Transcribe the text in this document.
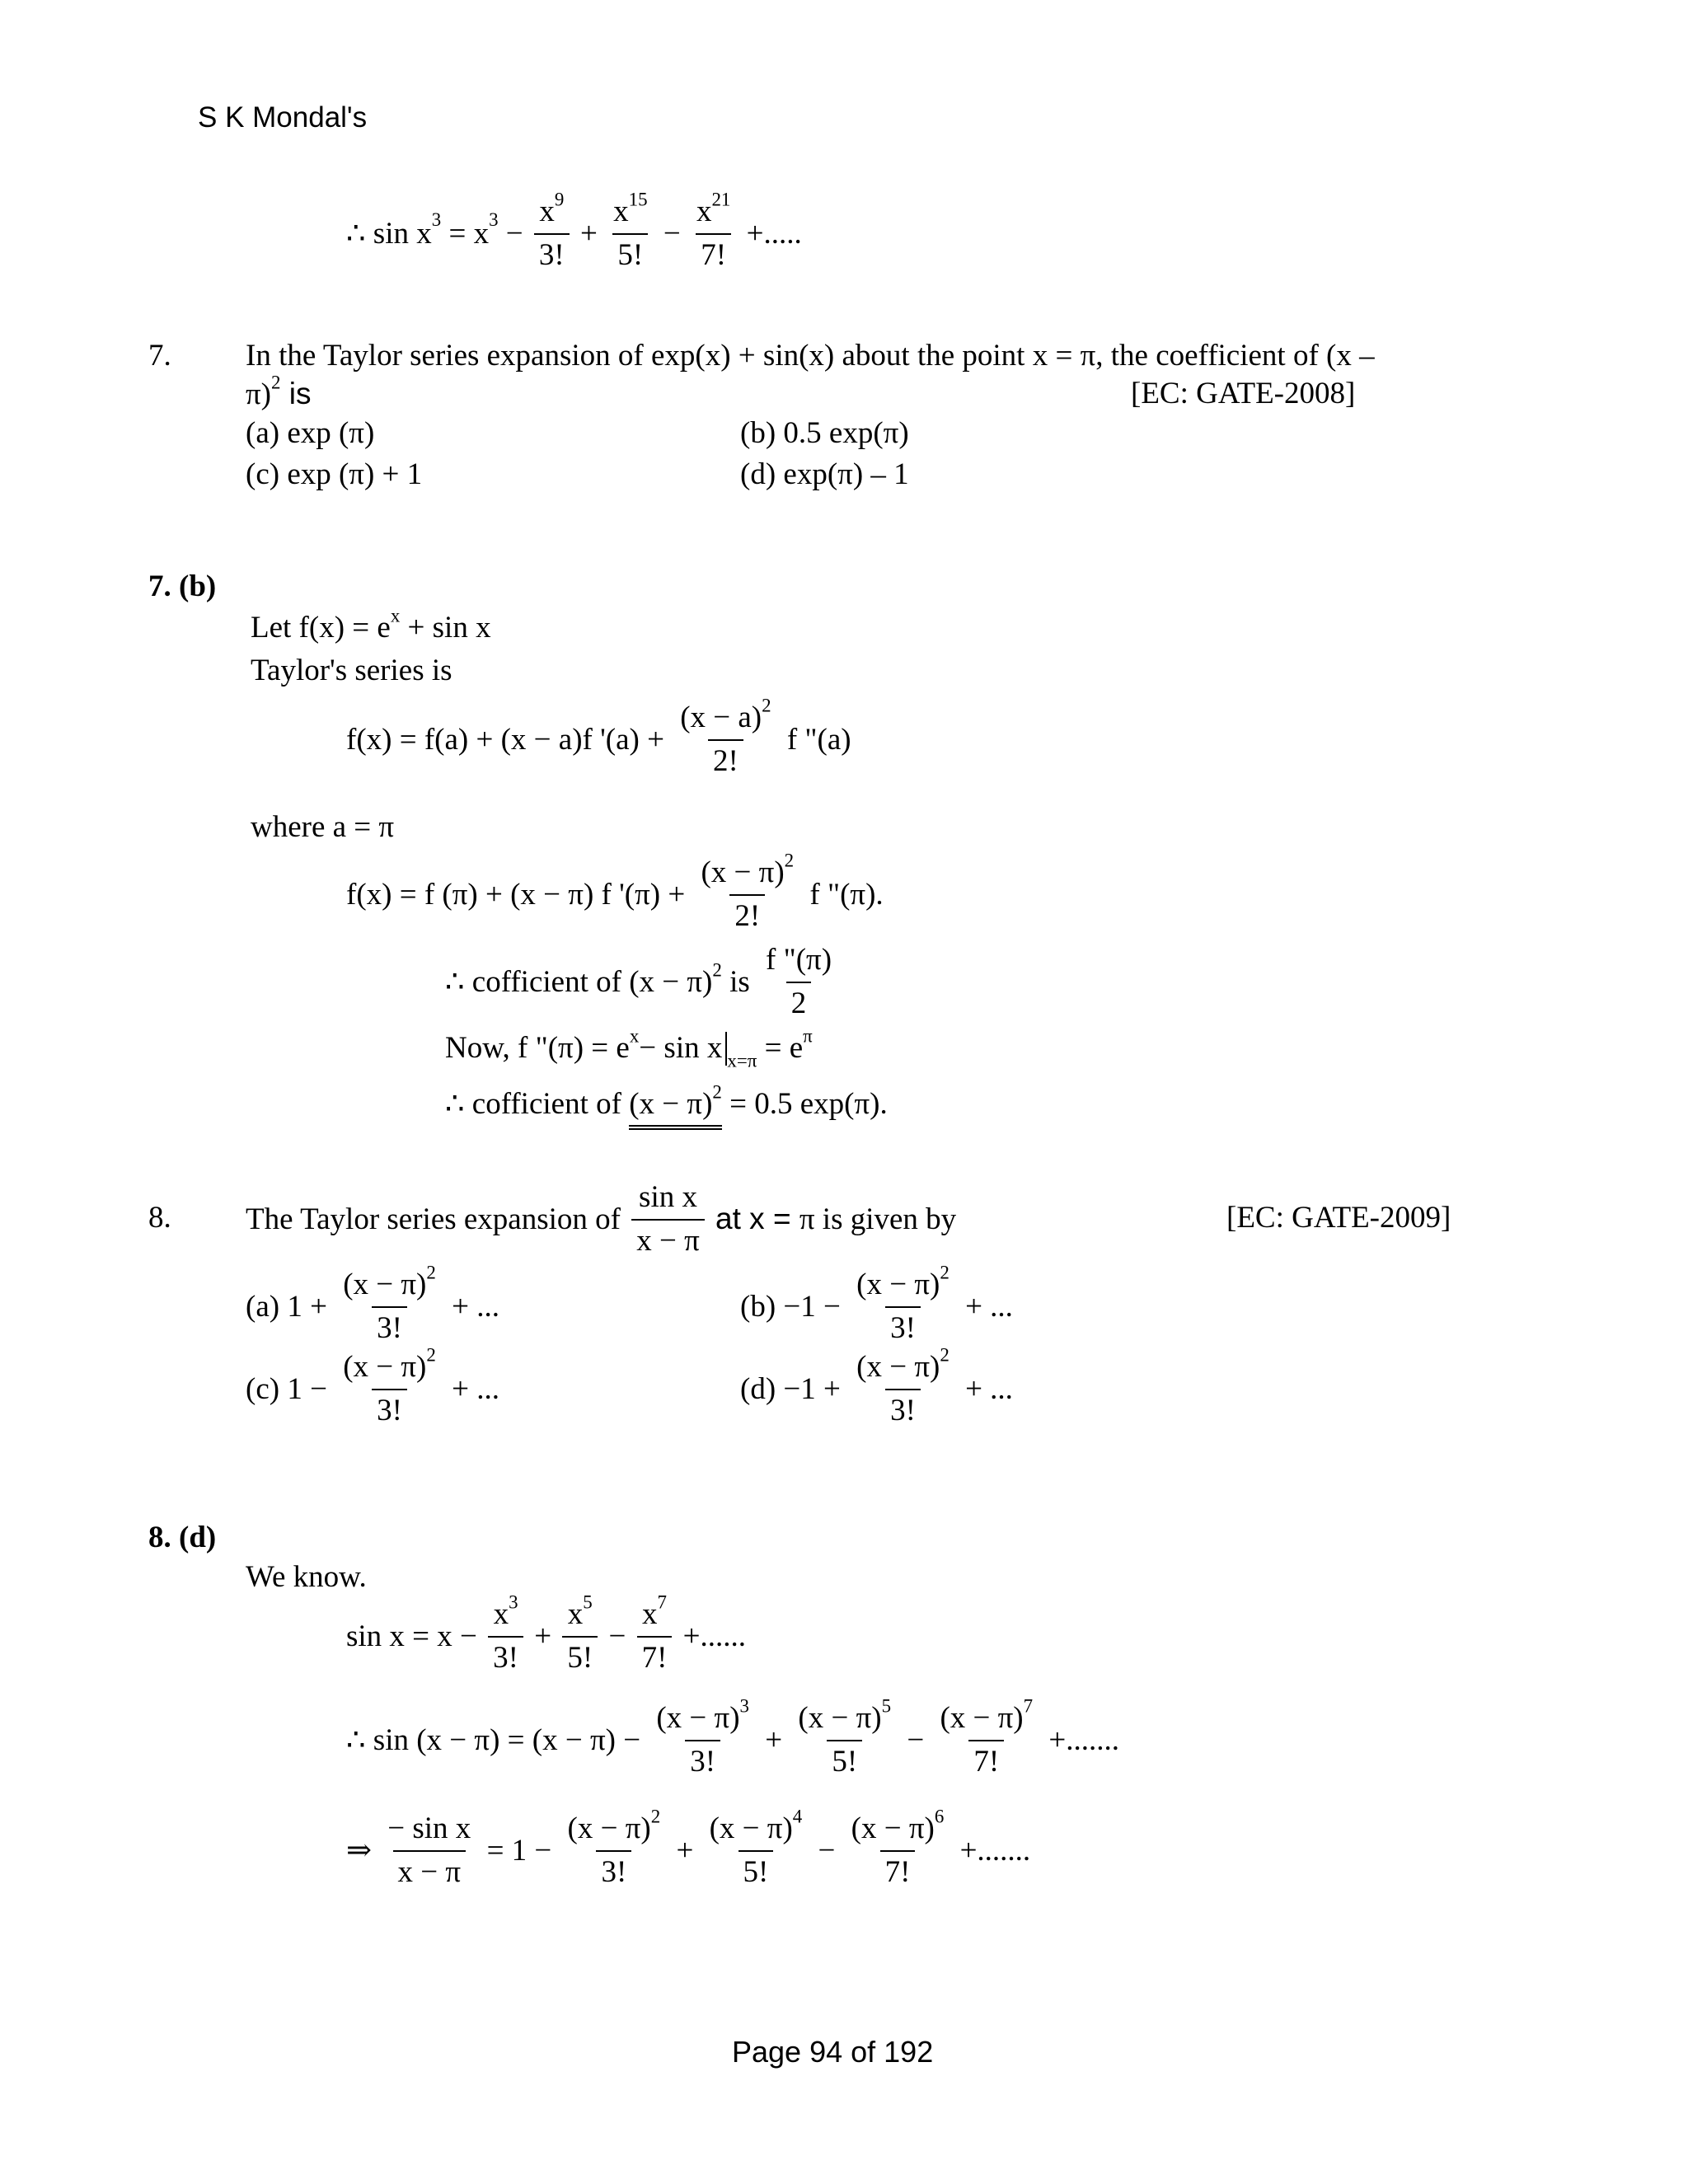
S K Mondal's
∴ $\sin x^3 = x^3 - \frac{x^9}{3!} + \frac{x^{15}}{5!} - \frac{x^{21}}{7!}$ +.....
7. In the Taylor series expansion of exp(x) + sin(x) about the point x = π, the coefficient of (x –
π)$^2$ is	[EC: GATE-2008]
(a) exp (π)	(b) 0.5 exp(π)
(c) exp (π) + 1	(d) exp(π) – 1
7. (b)
Let $f(x) = e^x + \sin x$
Taylor's series is
f(x) = f(a) + (x − a)f '$(a) + \frac{(x - a)^2}{2!}$ f "(a)
where a = π
f(x) = f (π) + (x − π) f '$(\pi) + \frac{(x - \pi)^2}{2!}$ f "(π).
∴ cofficient of $(x - \pi)^2$ is $\frac{f "(\pi)}{2}$
Now, f "$(\pi) = e^x- \sin x$ $_{x=\pi} = e^\pi$
∴ cofficient of $(x - \pi)^2 = 0.5$ exp(π).
8. The Taylor series expansion of $\frac{\text{sin x}}{x - \pi}$ at x = π is given by	[EC: GATE-2009]
(a) $1 + \frac{(x - \pi)^2}{3!}$ + ...	$(b) -1 - \frac{(x - \pi)^2}{3!}$ + ...
(c) $1 - \frac{(x - \pi)^2}{3!}$ + ...	$(d) -1 + \frac{(x - \pi)^2}{3!}$ + ...
8. (d)
We know.
$\sin x = x - \frac{x^3}{3!} + \frac{x^5}{5!} - \frac{x^7}{7!}$ +......
∴ $\sin (x - \pi) = (x - \pi) - \frac{(x - \pi)^3}{3!} + \frac{(x - \pi)^5}{5!} - \frac{(x - \pi)^7}{7!}$ +.......
⇒ $\frac{\text{− sin x}}{x - \pi} = 1 - \frac{(x - \pi)^2}{3!} + \frac{(x - \pi)^4}{5!} - \frac{(x - \pi)^6}{7!}$ +.......
Page 94 of 192
